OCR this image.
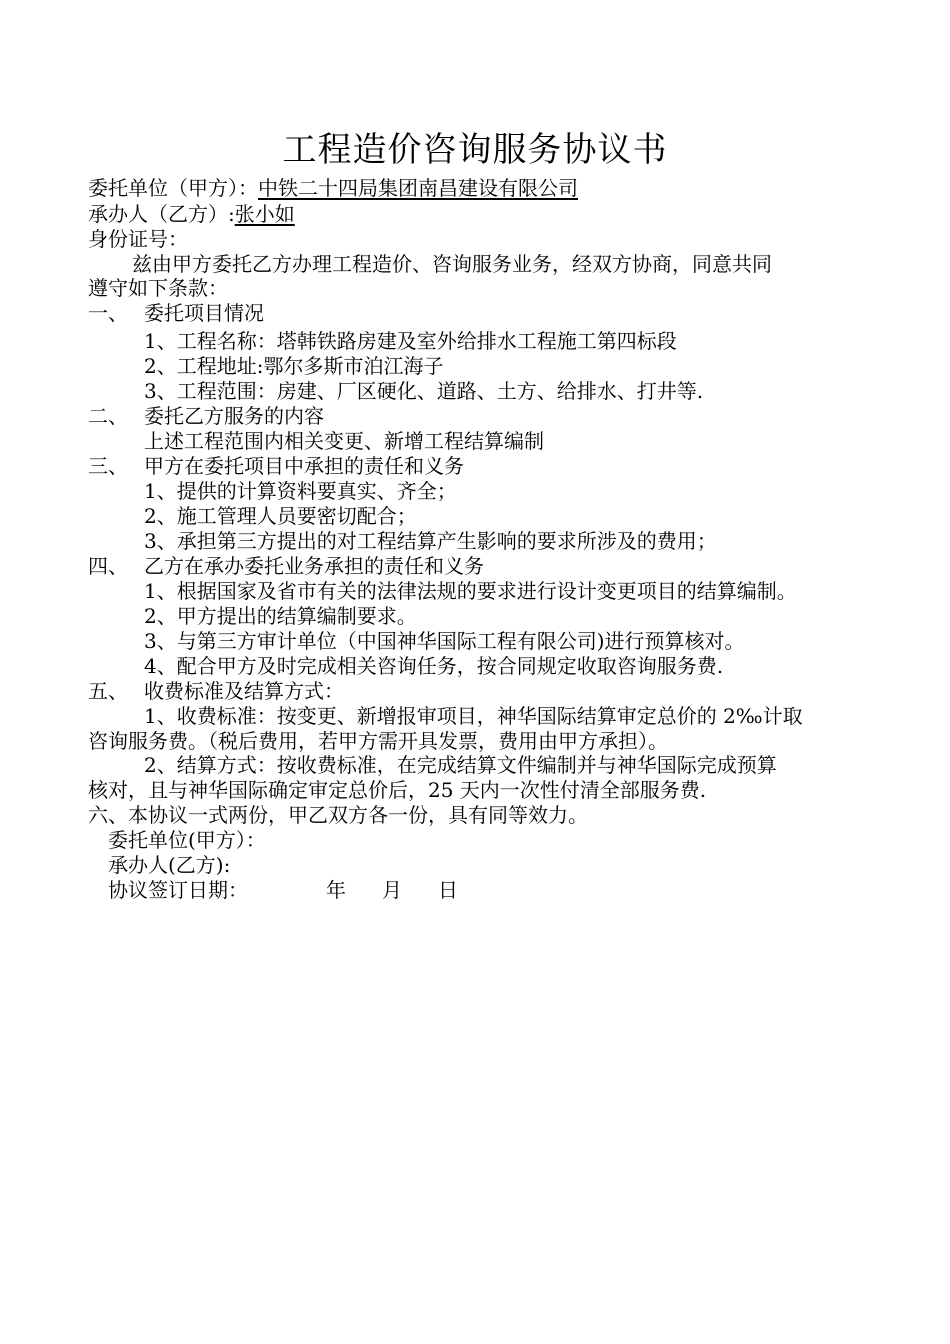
工程造价咨询服务协议书
委托单位（甲方）：中铁二十四局集团南昌建设有限公司
承办人（乙方）:张小如
身份证号：
兹由甲方委托乙方办理工程造价、咨询服务业务，经双方协商，同意共同
遵守如下条款：
一、 委托项目情况
1、工程名称：塔韩铁路房建及室外给排水工程施工第四标段
2、工程地址:鄂尔多斯市泊江海子
3、工程范围：房建、厂区硬化、道路、土方、给排水、打井等.
二、 委托乙方服务的内容
上述工程范围内相关变更、新增工程结算编制
三、 甲方在委托项目中承担的责任和义务
1、提供的计算资料要真实、齐全；
2、施工管理人员要密切配合；
3、承担第三方提出的对工程结算产生影响的要求所涉及的费用；
四、 乙方在承办委托业务承担的责任和义务
1、根据国家及省市有关的法律法规的要求进行设计变更项目的结算编制。
2、甲方提出的结算编制要求。
3、与第三方审计单位（中国神华国际工程有限公司)进行预算核对。
4、配合甲方及时完成相关咨询任务，按合同规定收取咨询服务费.
五、 收费标准及结算方式：
1、收费标准：按变更、新增报审项目，神华国际结算审定总价的 2‰计取
咨询服务费。（税后费用，若甲方需开具发票，费用由甲方承担）。
2、结算方式：按收费标准，在完成结算文件编制并与神华国际完成预算
核对，且与神华国际确定审定总价后，25 天内一次性付清全部服务费.
六、本协议一式两份，甲乙双方各一份，具有同等效力。
委托单位(甲方）：
承办人(乙方):
协议签订日期：	年 月 日
